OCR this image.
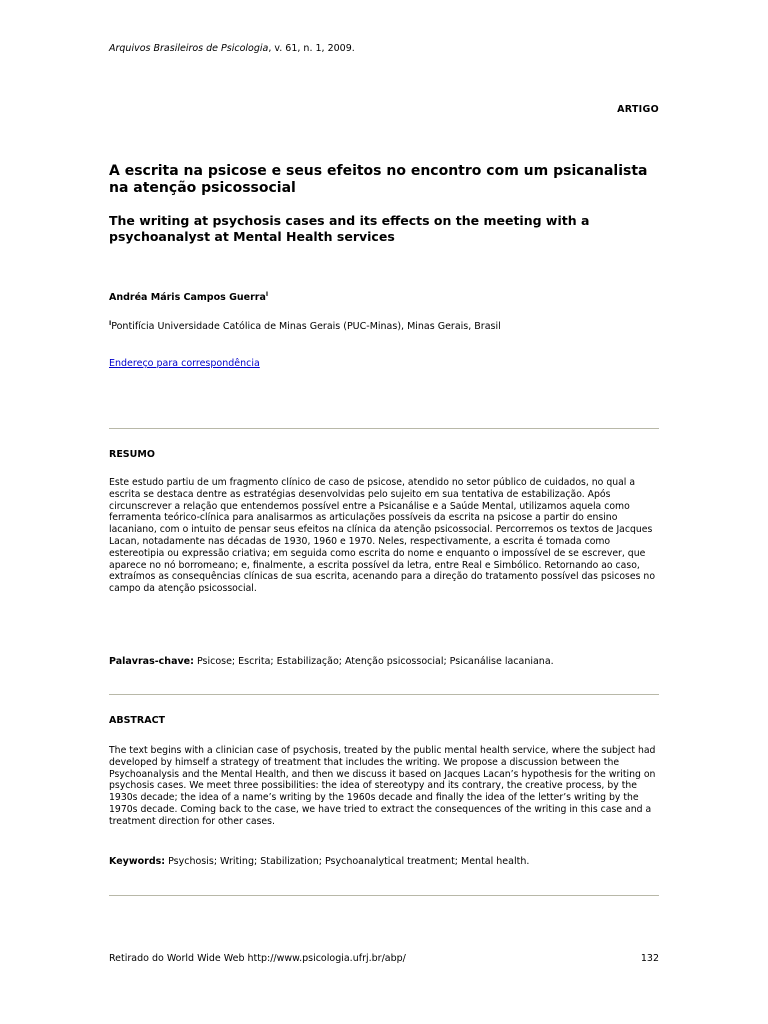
Arquivos Brasileiros de Psicologia, v. 61, n. 1, 2009.
ARTIGO
A escrita na psicose e seus efeitos no encontro com um psicanalista na atenção psicossocial
The writing at psychosis cases and its effects on the meeting with a psychoanalyst at Mental Health services
Andréa Máris Campos Guerra$^I$
$^I$Pontifícia Universidade Católica de Minas Gerais (PUC-Minas), Minas Gerais, Brasil
Endereço para correspondência
RESUMO
Este estudo partiu de um fragmento clínico de caso de psicose, atendido no setor público de cuidados, no qual a escrita se destaca dentre as estratégias desenvolvidas pelo sujeito em sua tentativa de estabilização. Após circunscrever a relação que entendemos possível entre a Psicanálise e a Saúde Mental, utilizamos aquela como ferramenta teórico-clínica para analisarmos as articulações possíveis da escrita na psicose a partir do ensino lacaniano, com o intuito de pensar seus efeitos na clínica da atenção psicossocial. Percorremos os textos de Jacques Lacan, notadamente nas décadas de 1930, 1960 e 1970. Neles, respectivamente, a escrita é tomada como estereotipia ou expressão criativa; em seguida como escrita do nome e enquanto o impossível de se escrever, que aparece no nó borromeano; e, finalmente, a escrita possível da letra, entre Real e Simbólico. Retornando ao caso, extraímos as consequências clínicas de sua escrita, acenando para a direção do tratamento possível das psicoses no campo da atenção psicossocial.
Palavras-chave: Psicose; Escrita; Estabilização; Atenção psicossocial; Psicanálise lacaniana.
ABSTRACT
The text begins with a clinician case of psychosis, treated by the public mental health service, where the subject had developed by himself a strategy of treatment that includes the writing. We propose a discussion between the Psychoanalysis and the Mental Health, and then we discuss it based on Jacques Lacan’s hypothesis for the writing on psychosis cases. We meet three possibilities: the idea of stereotypy and its contrary, the creative process, by the 1930s decade; the idea of a name’s writing by the 1960s decade and finally the idea of the letter’s writing by the 1970s decade. Coming back to the case, we have tried to extract the consequences of the writing in this case and a treatment direction for other cases.
Keywords: Psychosis; Writing; Stabilization; Psychoanalytical treatment; Mental health.
Retirado do World Wide Web http://www.psicologia.ufrj.br/abp/	132
